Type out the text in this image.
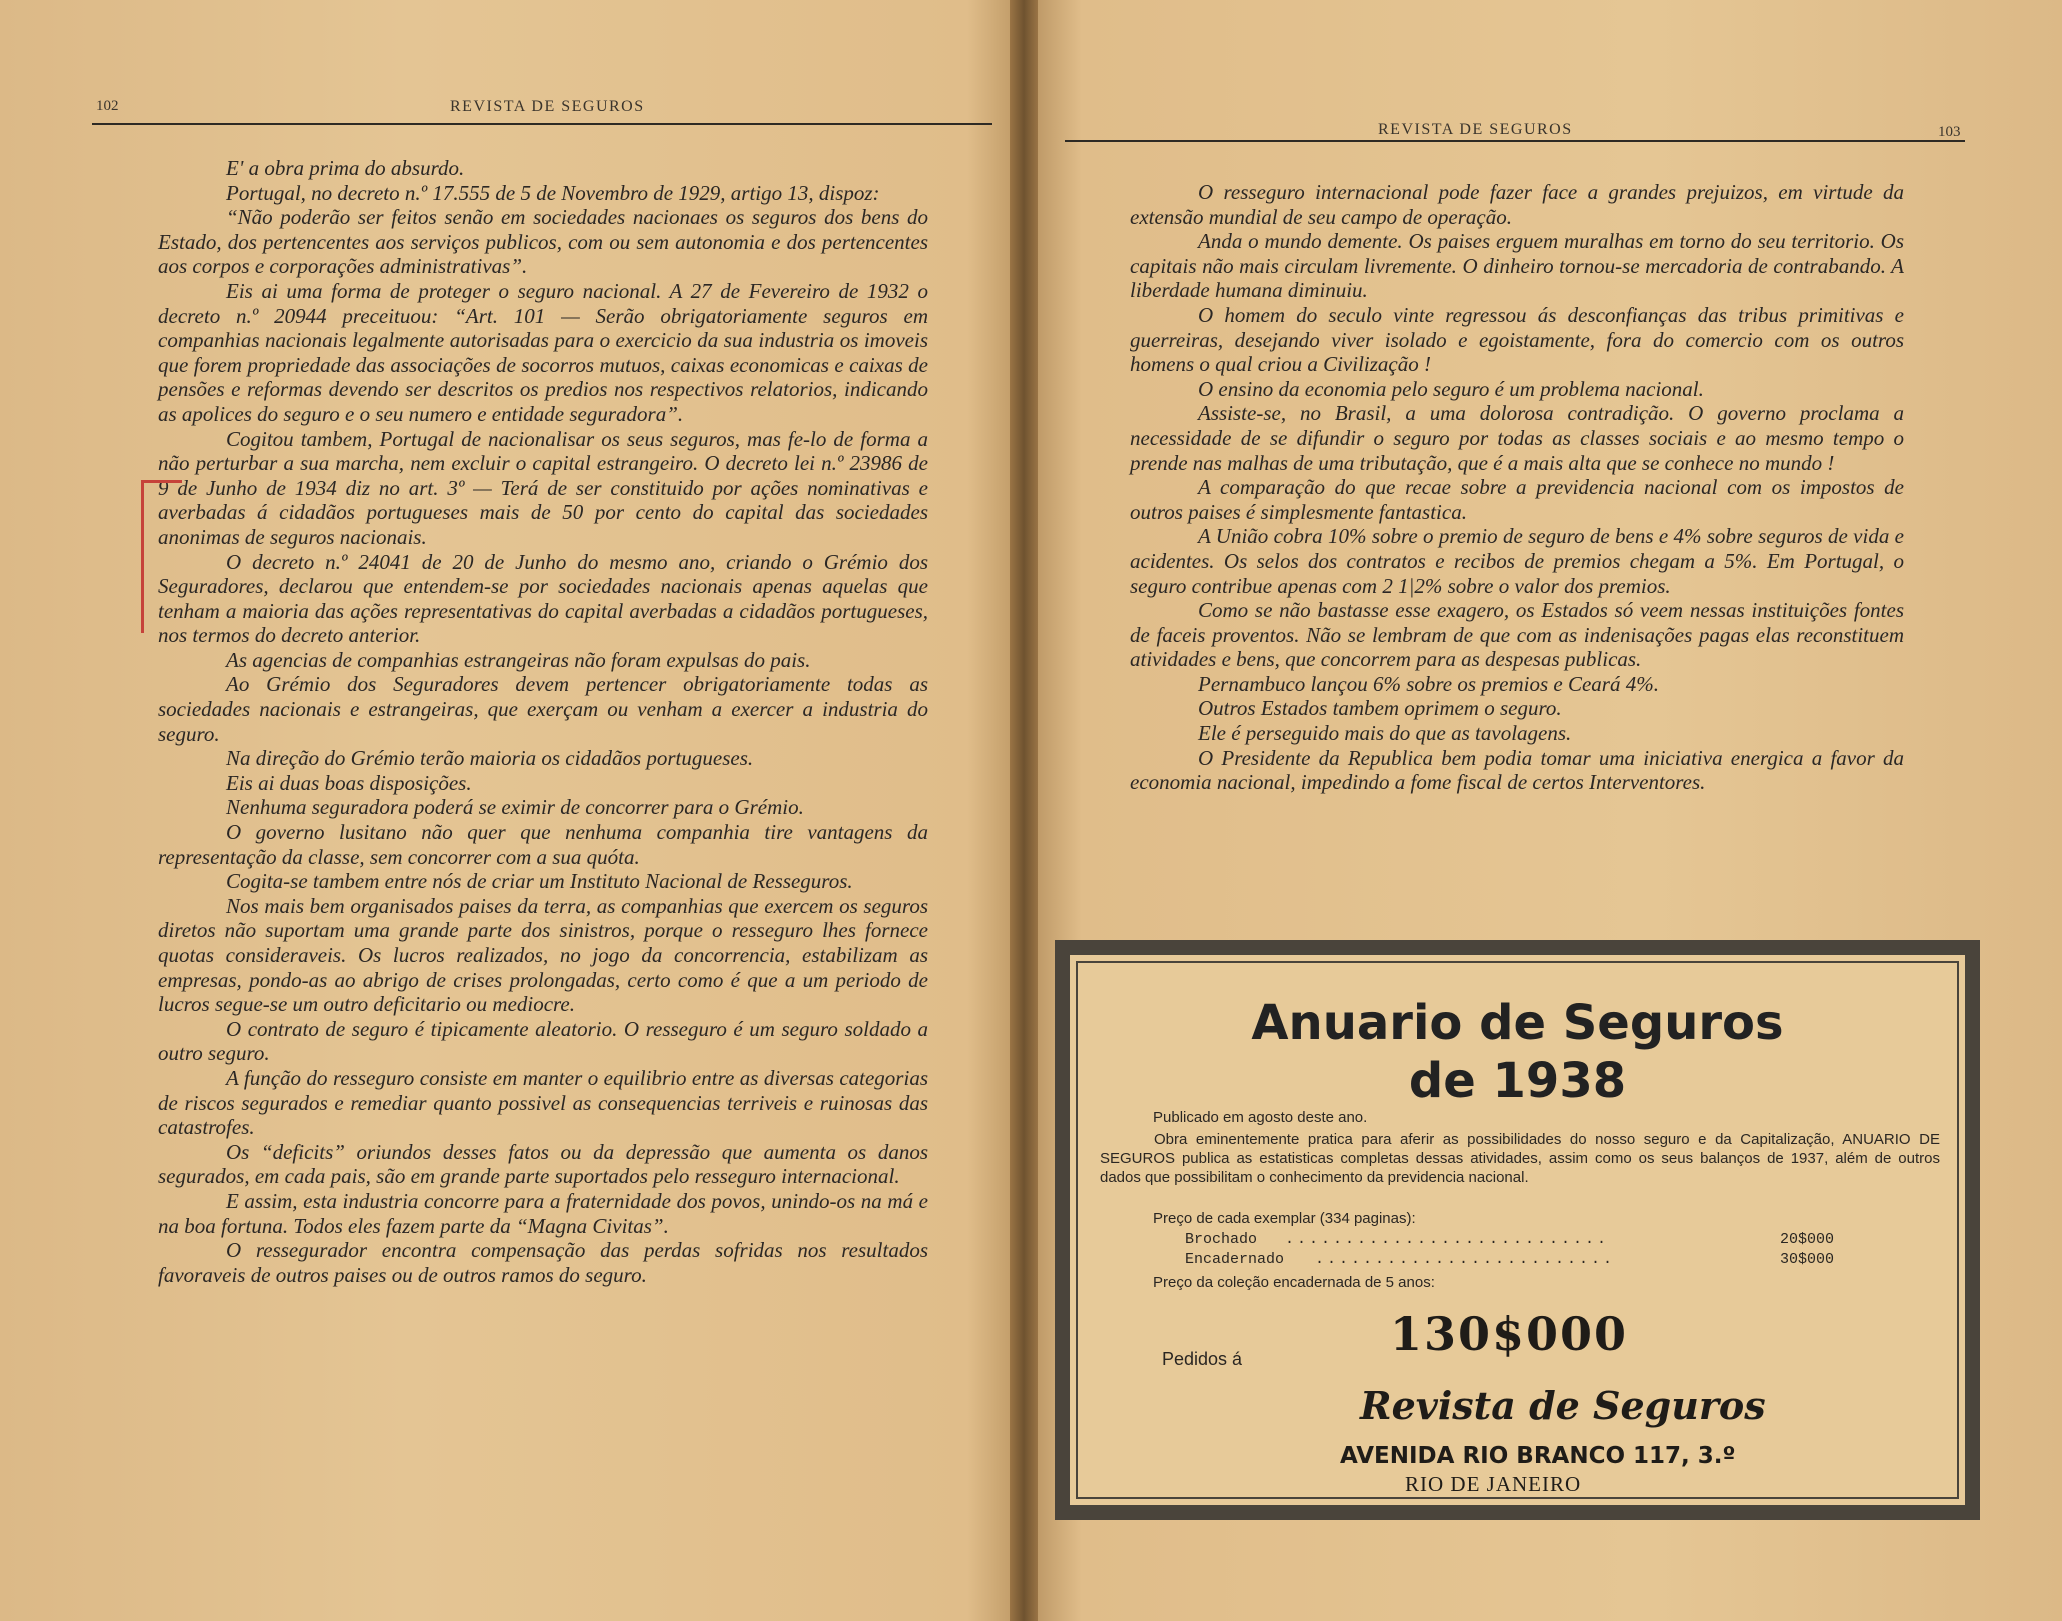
102	REVISTA DE SEGUROS

E' a obra prima do absurdo.

Portugal, no decreto n.º 17.555 de 5 de Novembro de 1929, artigo 13, dispoz:

“Não poderão ser feitos senão em sociedades nacionaes os seguros dos bens do Estado, dos pertencentes aos serviços publicos, com ou sem autonomia e dos pertencentes aos corpos e corporações administrativas”.

Eis ai uma forma de proteger o seguro nacional. A 27 de Fevereiro de 1932 o decreto n.º 20944 preceituou: “Art. 101 — Serão obrigatoriamente seguros em companhias nacionais legalmente autorisadas para o exercicio da sua industria os imoveis que forem propriedade das associações de socorros mutuos, caixas economicas e caixas de pensões e reformas devendo ser descritos os predios nos respectivos relatorios, indicando as apolices do seguro e o seu numero e entidade seguradora”.

Cogitou tambem, Portugal de nacionalisar os seus seguros, mas fe-lo de forma a não perturbar a sua marcha, nem excluir o capital estrangeiro. O decreto lei n.º 23986 de 9 de Junho de 1934 diz no art. 3º — Terá de ser constituido por ações nominativas e averbadas á cidadãos portugueses mais de 50 por cento do capital das sociedades anonimas de seguros nacionais.

O decreto n.º 24041 de 20 de Junho do mesmo ano, criando o Grémio dos Seguradores, declarou que entendem-se por sociedades nacionais apenas aquelas que tenham a maioria das ações representativas do capital averbadas a cidadãos portugueses, nos termos do decreto anterior.

As agencias de companhias estrangeiras não foram expulsas do pais.

Ao Grémio dos Seguradores devem pertencer obrigatoriamente todas as sociedades nacionais e estrangeiras, que exerçam ou venham a exercer a industria do seguro.

Na direção do Grémio terão maioria os cidadãos portugueses.

Eis ai duas boas disposições.

Nenhuma seguradora poderá se eximir de concorrer para o Grémio.

O governo lusitano não quer que nenhuma companhia tire vantagens da representação da classe, sem concorrer com a sua quóta.

Cogita-se tambem entre nós de criar um Instituto Nacional de Resseguros.

Nos mais bem organisados paises da terra, as companhias que exercem os seguros diretos não suportam uma grande parte dos sinistros, porque o resseguro lhes fornece quotas consideraveis. Os lucros realizados, no jogo da concorrencia, estabilizam as empresas, pondo-as ao abrigo de crises prolongadas, certo como é que a um periodo de lucros segue-se um outro deficitario ou mediocre.

O contrato de seguro é tipicamente aleatorio. O resseguro é um seguro soldado a outro seguro.

A função do resseguro consiste em manter o equilibrio entre as diversas categorias de riscos segurados e remediar quanto possivel as consequencias terriveis e ruinosas das catastrofes.

Os “deficits” oriundos desses fatos ou da depressão que aumenta os danos segurados, em cada pais, são em grande parte suportados pelo resseguro internacional.

E assim, esta industria concorre para a fraternidade dos povos, unindo-os na má e na boa fortuna. Todos eles fazem parte da “Magna Civitas”.

O ressegurador encontra compensação das perdas sofridas nos resultados favoraveis de outros paises ou de outros ramos do seguro.

REVISTA DE SEGUROS	103

O resseguro internacional pode fazer face a grandes prejuizos, em virtude da extensão mundial de seu campo de operação.

Anda o mundo demente. Os paises erguem muralhas em torno do seu territorio. Os capitais não mais circulam livremente. O dinheiro tornou-se mercadoria de contrabando. A liberdade humana diminuiu.

O homem do seculo vinte regressou ás desconfianças das tribus primitivas e guerreiras, desejando viver isolado e egoistamente, fora do comercio com os outros homens o qual criou a Civilização !

O ensino da economia pelo seguro é um problema nacional.

Assiste-se, no Brasil, a uma dolorosa contradição. O governo proclama a necessidade de se difundir o seguro por todas as classes sociais e ao mesmo tempo o prende nas malhas de uma tributação, que é a mais alta que se conhece no mundo !

A comparação do que recae sobre a previdencia nacional com os impostos de outros paises é simplesmente fantastica.

A União cobra 10% sobre o premio de seguro de bens e 4% sobre seguros de vida e acidentes. Os selos dos contratos e recibos de premios chegam a 5%. Em Portugal, o seguro contribue apenas com 2 1|2% sobre o valor dos premios.

Como se não bastasse esse exagero, os Estados só veem nessas instituições fontes de faceis proventos. Não se lembram de que com as indenisações pagas elas reconstituem atividades e bens, que concorrem para as despesas publicas.

Pernambuco lançou 6% sobre os premios e Ceará 4%.

Outros Estados tambem oprimem o seguro.

Ele é perseguido mais do que as tavolagens.

O Presidente da Republica bem podia tomar uma iniciativa energica a favor da economia nacional, impedindo a fome fiscal de certos Interventores.

Anuario de Seguros
de 1938
Publicado em agosto deste ano.
Obra eminentemente pratica para aferir as possibilidades do nosso seguro e da Capitalização, ANUARIO DE SEGUROS publica as estatisticas completas dessas atividades, assim como os seus balanços de 1937, além de outros dados que possibilitam o conhecimento da previdencia nacional.
Preço de cada exemplar (334 paginas):
Brochado ...........................	20$000
Encadernado .........................	30$000
Preço da coleção encadernada de 5 anos:
130$000
Pedidos á
Revista de Seguros
AVENIDA RIO BRANCO 117, 3.º
RIO DE JANEIRO
